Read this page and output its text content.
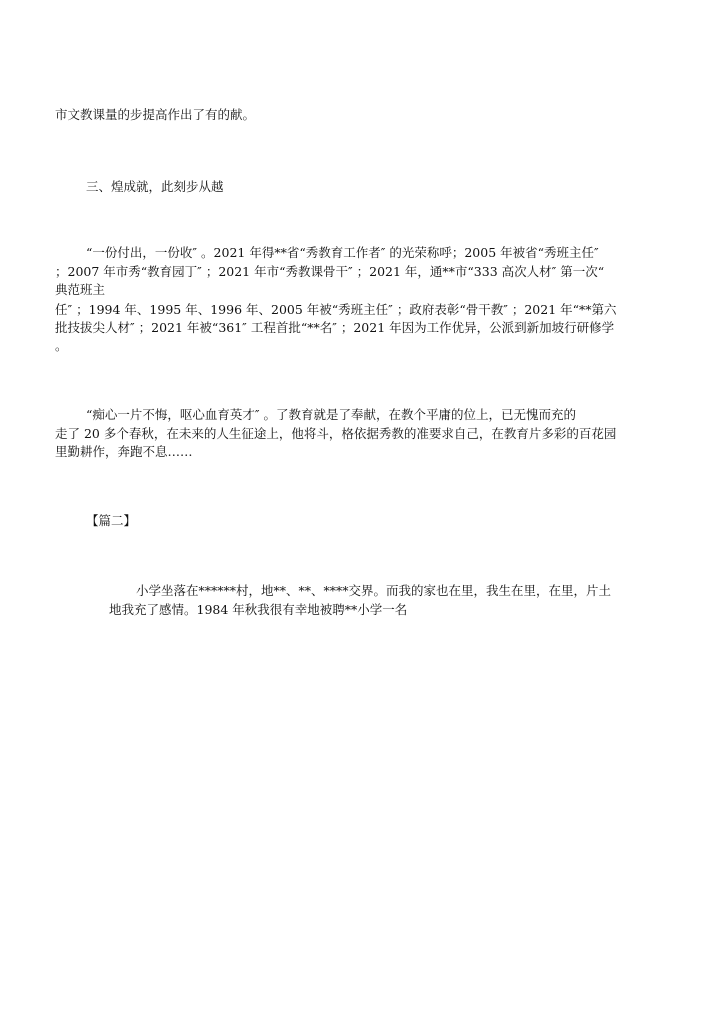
市文教课量的步提高作出了有的献。
三、煌成就，此刻步从越
“一份付出，一份收″ 。2021 年得**省“秀教育工作者″ 的光荣称呼；2005 年被省“秀班主任″
；2007 年市秀“教育园丁″ ；2021 年市“秀教课骨干″ ；2021 年，通**市“333 高次人材″ 第一次“
典范班主
任″ ；1994 年、1995 年、1996 年、2005 年被“秀班主任″ ；政府表彰“骨干教″ ；2021 年“**第六
批技拔尖人材″ ；2021 年被“361″ 工程首批“**名″ ；2021 年因为工作优异，公派到新加坡行研修学
。
“痴心一片不悔，呕心血育英才″ 。了教育就是了奉献，在教个平庸的位上，已无愧而充的
走了 20 多个春秋，在未来的人生征途上，他将斗，格依据秀教的准要求自己，在教育片多彩的百花园
里勤耕作，奔跑不息……
【篇二】
小学坐落在******村，地**、**、****交界。而我的家也在里，我生在里，在里，片土
地我充了感情。1984 年秋我很有幸地被聘**小学一名
